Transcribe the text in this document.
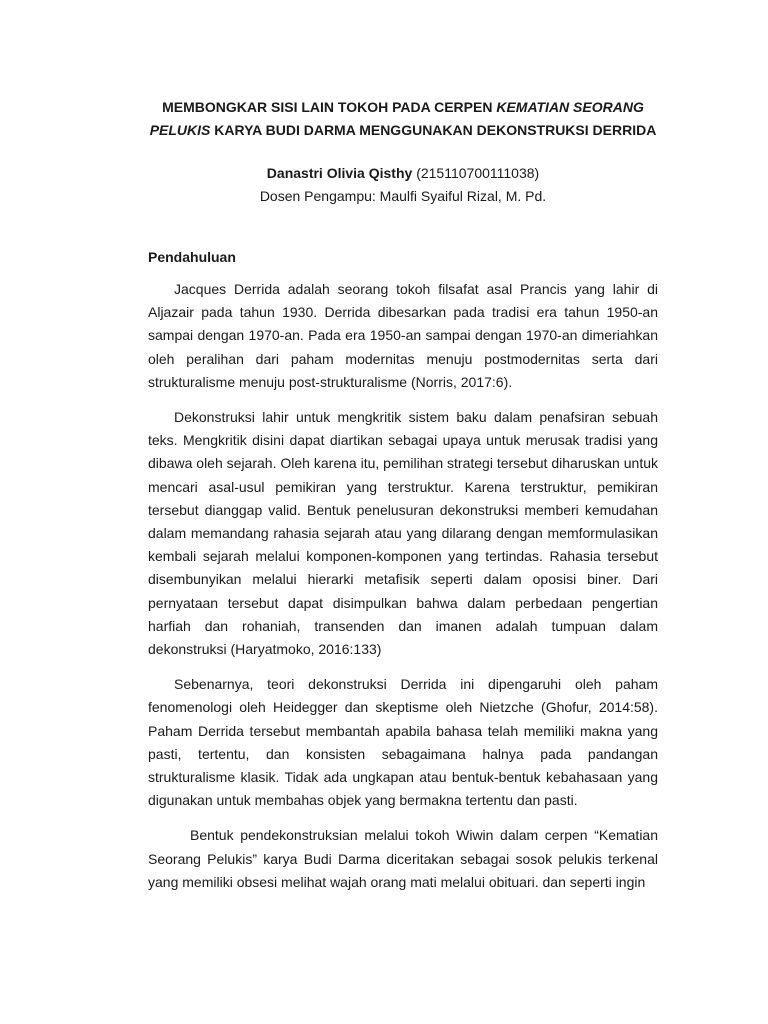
MEMBONGKAR SISI LAIN TOKOH PADA CERPEN KEMATIAN SEORANG PELUKIS KARYA BUDI DARMA MENGGUNAKAN DEKONSTRUKSI DERRIDA
Danastri Olivia Qisthy (215110700111038)
Dosen Pengampu: Maulfi Syaiful Rizal, M. Pd.
Pendahuluan

Jacques Derrida adalah seorang tokoh filsafat asal Prancis yang lahir di Aljazair pada tahun 1930. Derrida dibesarkan pada tradisi era tahun 1950-an sampai dengan 1970-an. Pada era 1950-an sampai dengan 1970-an dimeriahkan oleh peralihan dari paham modernitas menuju postmodernitas serta dari strukturalisme menuju post-strukturalisme (Norris, 2017:6).

Dekonstruksi lahir untuk mengkritik sistem baku dalam penafsiran sebuah teks. Mengkritik disini dapat diartikan sebagai upaya untuk merusak tradisi yang dibawa oleh sejarah. Oleh karena itu, pemilihan strategi tersebut diharuskan untuk mencari asal-usul pemikiran yang terstruktur. Karena terstruktur, pemikiran tersebut dianggap valid. Bentuk penelusuran dekonstruksi memberi kemudahan dalam memandang rahasia sejarah atau yang dilarang dengan memformulasikan kembali sejarah melalui komponen-komponen yang tertindas. Rahasia tersebut disembunyikan melalui hierarki metafisik seperti dalam oposisi biner. Dari pernyataan tersebut dapat disimpulkan bahwa dalam perbedaan pengertian harfiah dan rohaniah, transenden dan imanen adalah tumpuan dalam dekonstruksi (Haryatmoko, 2016:133)

Sebenarnya, teori dekonstruksi Derrida ini dipengaruhi oleh paham fenomenologi oleh Heidegger dan skeptisme oleh Nietzche (Ghofur, 2014:58). Paham Derrida tersebut membantah apabila bahasa telah memiliki makna yang pasti, tertentu, dan konsisten sebagaimana halnya pada pandangan strukturalisme klasik. Tidak ada ungkapan atau bentuk-bentuk kebahasaan yang digunakan untuk membahas objek yang bermakna tertentu dan pasti.

Bentuk pendekonstruksian melalui tokoh Wiwin dalam cerpen “Kematian Seorang Pelukis” karya Budi Darma diceritakan sebagai sosok pelukis terkenal yang memiliki obsesi melihat wajah orang mati melalui obituari. dan seperti ingin
